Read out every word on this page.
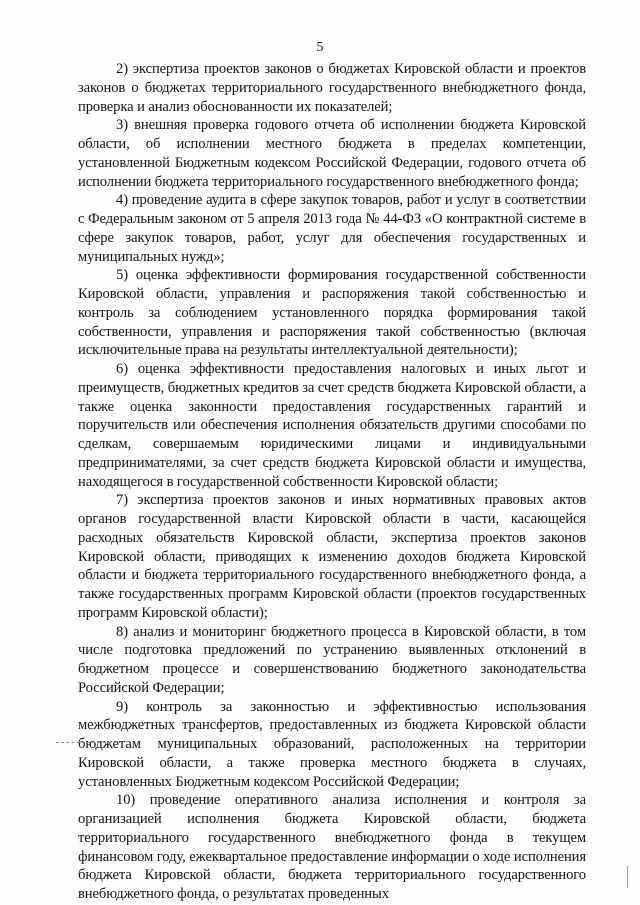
5

2) экспертиза проектов законов о бюджетах Кировской области и проектов законов о бюджетах территориального государственного внебюджетного фонда, проверка и анализ обоснованности их показателей;

3) внешняя проверка годового отчета об исполнении бюджета Кировской области, об исполнении местного бюджета в пределах компетенции, установленной Бюджетным кодексом Российской Федерации, годового отчета об исполнении бюджета территориального государственного внебюджетного фонда;

4) проведение аудита в сфере закупок товаров, работ и услуг в соответствии с Федеральным законом от 5 апреля 2013 года № 44-ФЗ «О контрактной системе в сфере закупок товаров, работ, услуг для обеспечения государственных и муниципальных нужд»;

5) оценка эффективности формирования государственной собственности Кировской области, управления и распоряжения такой собственностью и контроль за соблюдением установленного порядка формирования такой собственности, управления и распоряжения такой собственностью (включая исключительные права на результаты интеллектуальной деятельности);

6) оценка эффективности предоставления налоговых и иных льгот и преимуществ, бюджетных кредитов за счет средств бюджета Кировской области, а также оценка законности предоставления государственных гарантий и поручительств или обеспечения исполнения обязательств другими способами по сделкам, совершаемым юридическими лицами и индивидуальными предпринимателями, за счет средств бюджета Кировской области и имущества, находящегося в государственной собственности Кировской области;

7) экспертиза проектов законов и иных нормативных правовых актов органов государственной власти Кировской области в части, касающейся расходных обязательств Кировской области, экспертиза проектов законов Кировской области, приводящих к изменению доходов бюджета Кировской области и бюджета территориального государственного внебюджетного фонда, а также государственных программ Кировской области (проектов государственных программ Кировской области);

8) анализ и мониторинг бюджетного процесса в Кировской области, в том числе подготовка предложений по устранению выявленных отклонений в бюджетном процессе и совершенствованию бюджетного законодательства Российской Федерации;

9) контроль за законностью и эффективностью использования межбюджетных трансфертов, предоставленных из бюджета Кировской области бюджетам муниципальных образований, расположенных на территории Кировской области, а также проверка местного бюджета в случаях, установленных Бюджетным кодексом Российской Федерации;

10) проведение оперативного анализа исполнения и контроля за организацией исполнения бюджета Кировской области, бюджета территориального государственного внебюджетного фонда в текущем финансовом году, ежеквартальное предоставление информации о ходе исполнения бюджета Кировской области, бюджета территориального государственного внебюджетного фонда, о результатах проведенных
